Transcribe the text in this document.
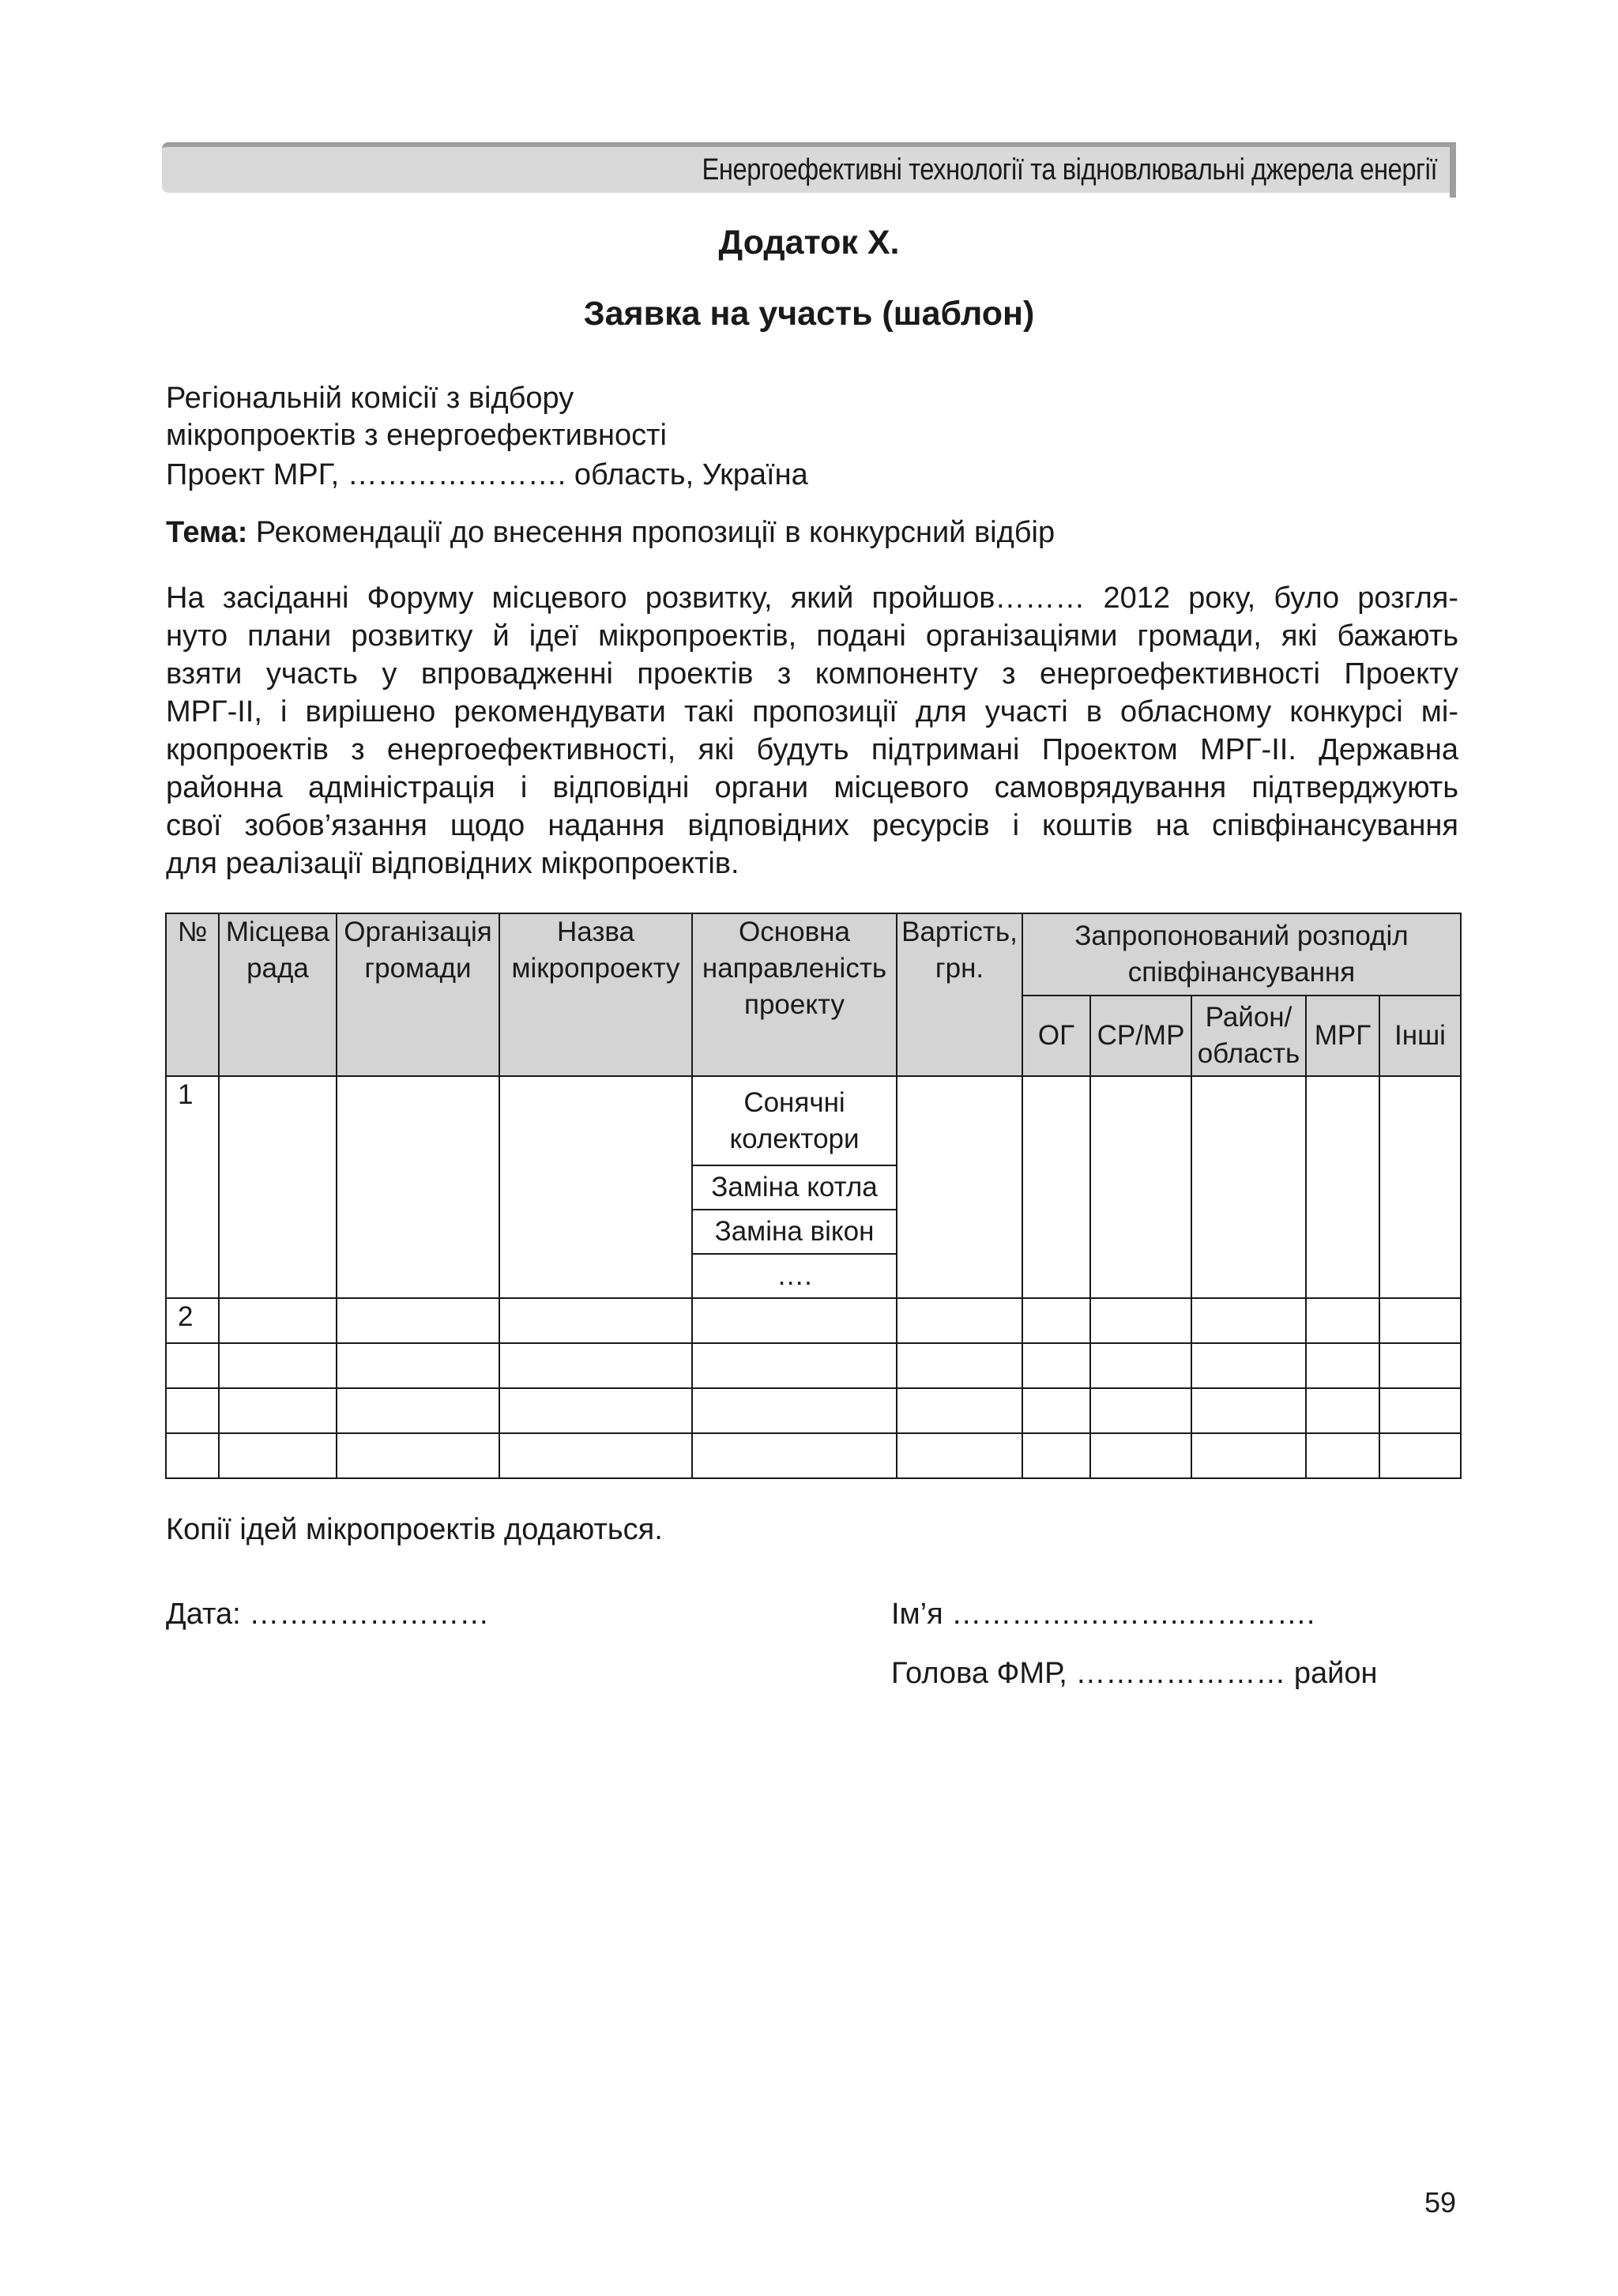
Енергоефективні технології та відновлювальні джерела енергії
Додаток Х.
Заявка на участь (шаблон)
Регіональній комісії з відбору
мікропроектів з енергоефективності
Проект МРГ, …………………. область, Україна
Тема: Рекомендації до внесення пропозиції в конкурсний відбір
На засіданні Форуму місцевого розвитку, який пройшов……… 2012 року, було розгля-
нуто плани розвитку й ідеї мікропроектів, подані організаціями громади, які бажають
взяти участь у впровадженні проектів з компоненту з енергоефективності Проекту
МРГ-ІІ, і вирішено рекомендувати такі пропозиції для участі в обласному конкурсі мі-
кропроектів з енергоефективності, які будуть підтримані Проектом МРГ-ІІ. Державна
районна адміністрація і відповідні органи місцевого самоврядування підтверджують
свої зобов’язання щодо надання відповідних ресурсів і коштів на співфінансування
для реалізації відповідних мікропроектів.
№	Місцева рада	Організація громади	Назва мікропроекту	Основна направленість проекту	Вартість, грн.	Запропонований розподіл співфінансування				
						ОГ	СР/МР	Район/ область	МРГ	Інші
1				Сонячні колектори						

				Заміна котла						
				Заміна вікон						
				….						
2										

Копії ідей мікропроектів додаються.
Дата: ……………………	Ім’я ………….………..………….
Голова ФМР, ………………… район
59
